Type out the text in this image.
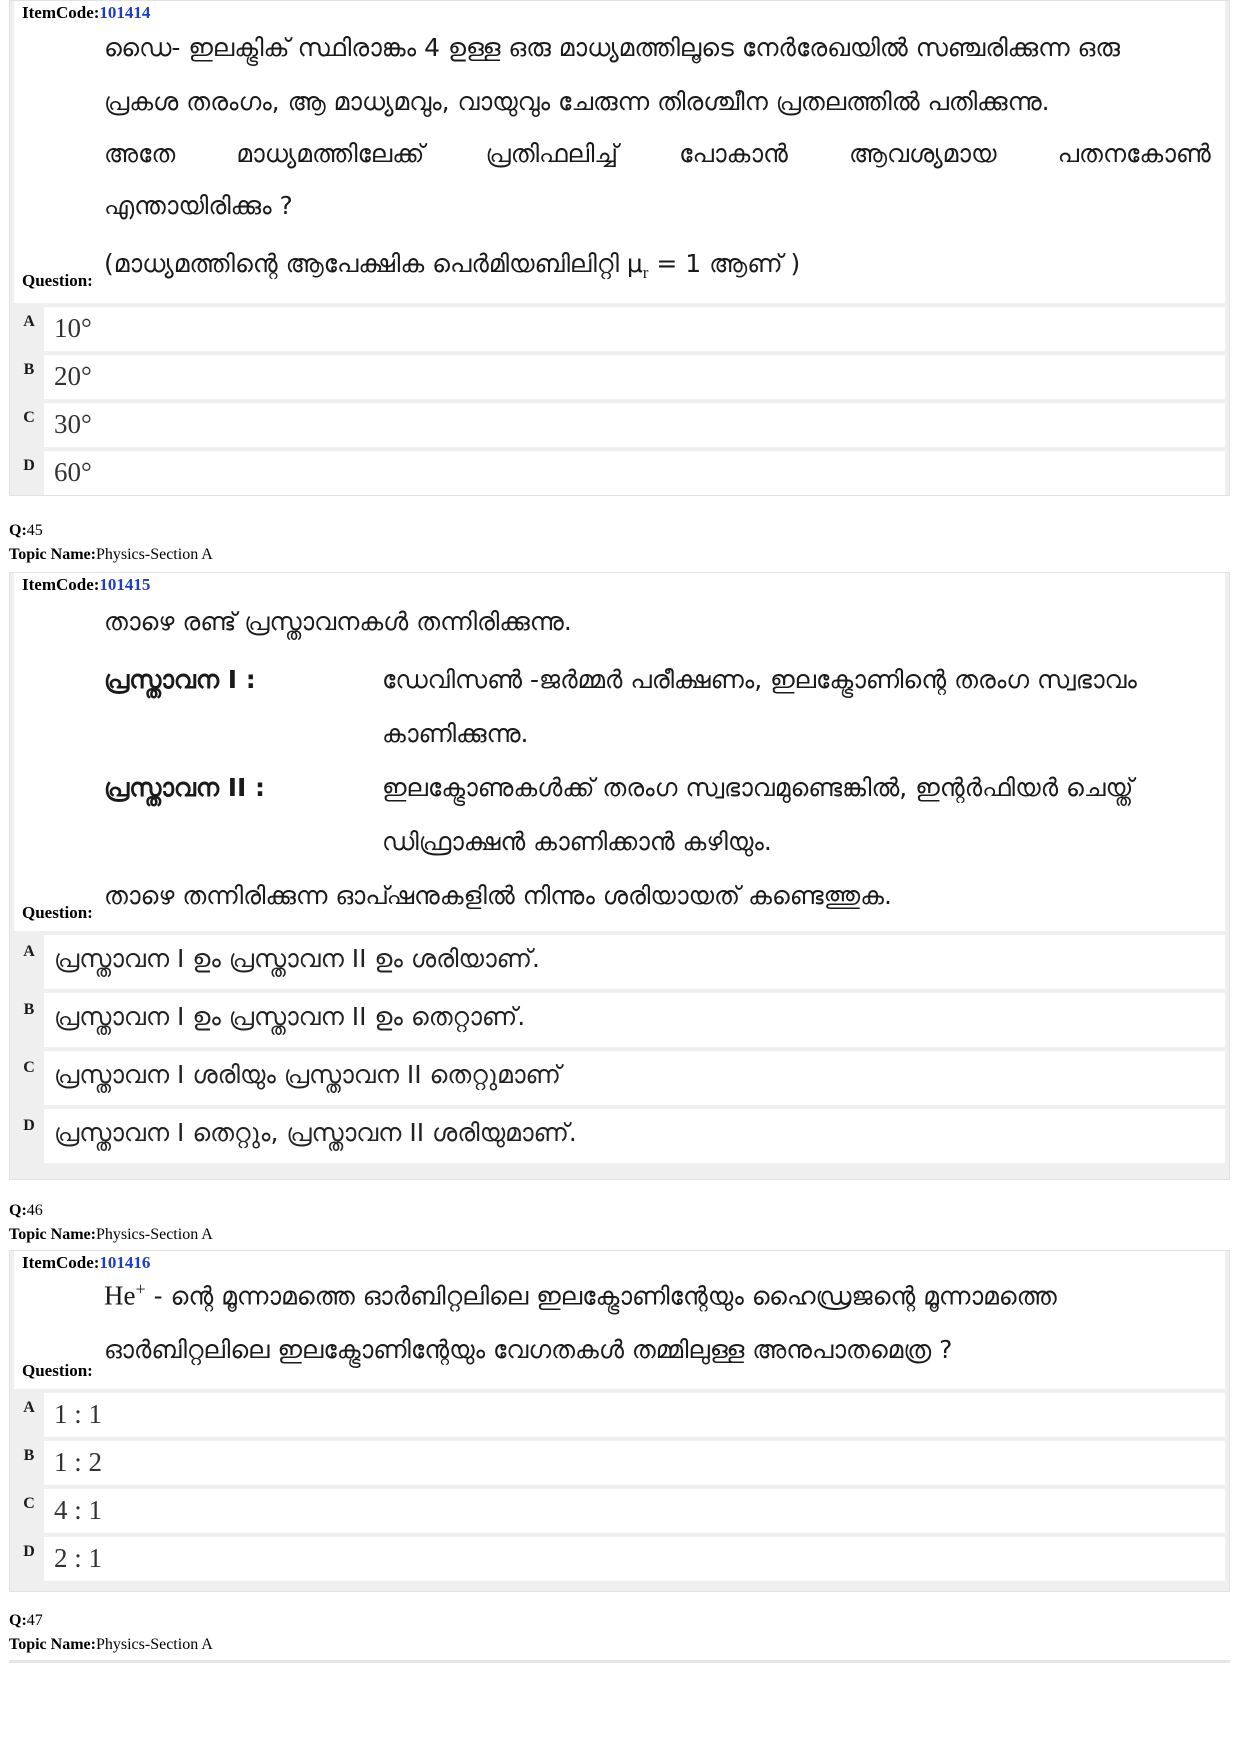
ItemCode:101414
ഡൈ- ഇലക്ട്രിക് സ്ഥിരാങ്കം 4 ഉള്ള ഒരു മാധ്യമത്തിലൂടെ നേർരേഖയിൽ സഞ്ചരിക്കുന്ന ഒരു
പ്രകശ തരംഗം, ആ മാധ്യമവും, വായുവും ചേരുന്ന തിരശ്ചീന പ്രതലത്തിൽ പതിക്കുന്നു.
അതേ മാധ്യമത്തിലേക്ക് പ്രതിഫലിച്ച് പോകാൻ ആവശ്യമായ പതനകോൺ
എന്തായിരിക്കും ?
(മാധ്യമത്തിന്റെ ആപേക്ഷിക പെർമിയബിലിറ്റി $\mu_r = 1$ ആണ് )
Question:
A 10°
B 20°
C 30°
D 60°
Q:45
Topic Name:Physics-Section A
ItemCode:101415
താഴെ രണ്ട് പ്രസ്താവനകൾ തന്നിരിക്കുന്നു.
പ്രസ്താവന I :	ഡേവിസൺ -ജർമ്മർ പരീക്ഷണം, ഇലക്ട്രോണിന്റെ തരംഗ സ്വഭാവം
കാണിക്കുന്നു.
പ്രസ്താവന II :	ഇലക്ട്രോണുകൾക്ക് തരംഗ സ്വഭാവമുണ്ടെങ്കിൽ, ഇന്റർഫിയർ ചെയ്ത്
ഡിഫ്രാക്ഷൻ കാണിക്കാൻ കഴിയും.
താഴെ തന്നിരിക്കുന്ന ഓപ്ഷനുകളിൽ നിന്നും ശരിയായത് കണ്ടെത്തുക.
Question:
A പ്രസ്താവന I ഉം പ്രസ്താവന II ഉം ശരിയാണ്.
B പ്രസ്താവന I ഉം പ്രസ്താവന II ഉം തെറ്റാണ്.
C പ്രസ്താവന I ശരിയും പ്രസ്താവന II തെറ്റുമാണ്
D പ്രസ്താവന I തെറ്റും, പ്രസ്താവന II ശരിയുമാണ്.
Q:46
Topic Name:Physics-Section A
ItemCode:101416
He+ - ന്റെ മൂന്നാമത്തെ ഓർബിറ്റലിലെ ഇലക്ട്രോണിന്റേയും ഹൈഡ്രജന്റെ മൂന്നാമത്തെ
ഓർബിറ്റലിലെ ഇലക്ട്രോണിന്റേയും വേഗതകൾ തമ്മിലുള്ള അനുപാതമെത്ര ?
Question:
A 1 : 1
B 1 : 2
C 4 : 1
D 2 : 1
Q:47
Topic Name:Physics-Section A
